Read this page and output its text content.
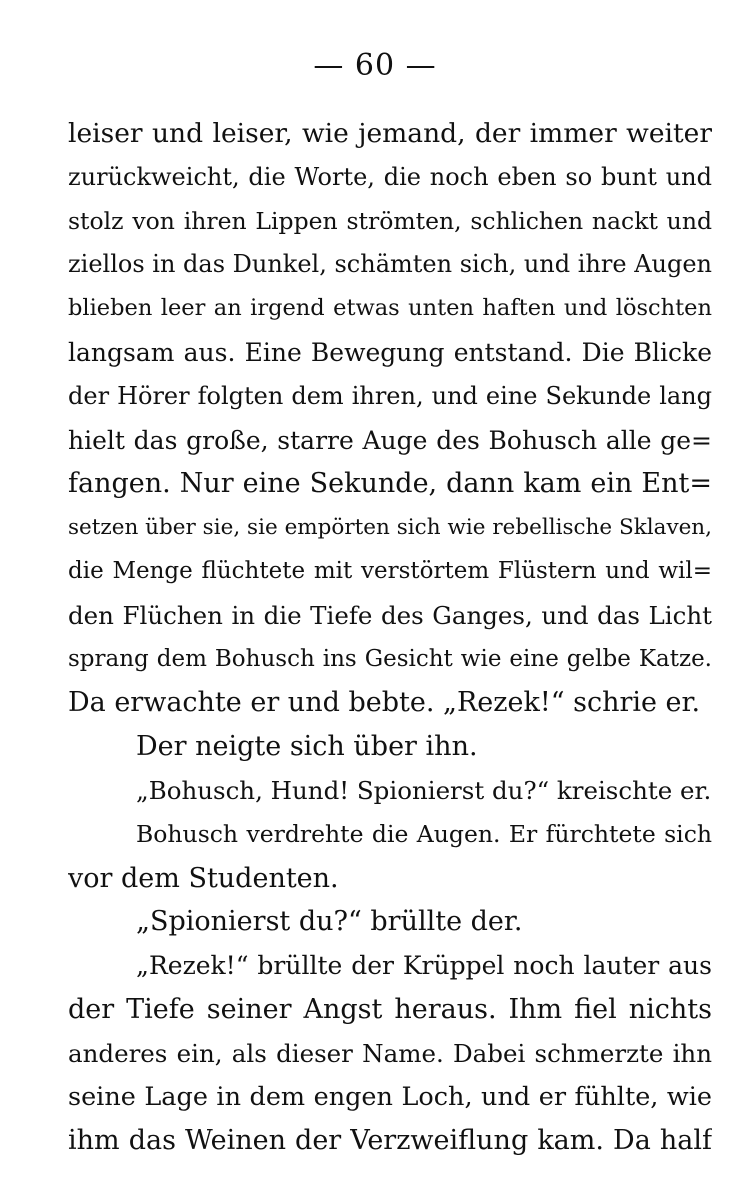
— 60 —
leiser und leiser, wie jemand, der immer weiter
zurückweicht, die Worte, die noch eben so bunt und
stolz von ihren Lippen strömten, schlichen nackt und
ziellos in das Dunkel, schämten sich, und ihre Augen
blieben leer an irgend etwas unten haften und löschten
langsam aus. Eine Bewegung entstand. Die Blicke
der Hörer folgten dem ihren, und eine Sekunde lang
hielt das große, starre Auge des Bohusch alle ge=
fangen. Nur eine Sekunde, dann kam ein Ent=
setzen über sie, sie empörten sich wie rebellische Sklaven,
die Menge flüchtete mit verstörtem Flüstern und wil=
den Flüchen in die Tiefe des Ganges, und das Licht
sprang dem Bohusch ins Gesicht wie eine gelbe Katze.
Da erwachte er und bebte. „Rezek!“ schrie er.
Der neigte sich über ihn.
„Bohusch, Hund! Spionierst du?“ kreischte er.
Bohusch verdrehte die Augen. Er fürchtete sich
vor dem Studenten.
„Spionierst du?“ brüllte der.
„Rezek!“ brüllte der Krüppel noch lauter aus
der Tiefe seiner Angst heraus. Ihm fiel nichts
anderes ein, als dieser Name. Dabei schmerzte ihn
seine Lage in dem engen Loch, und er fühlte, wie
ihm das Weinen der Verzweiflung kam. Da half
